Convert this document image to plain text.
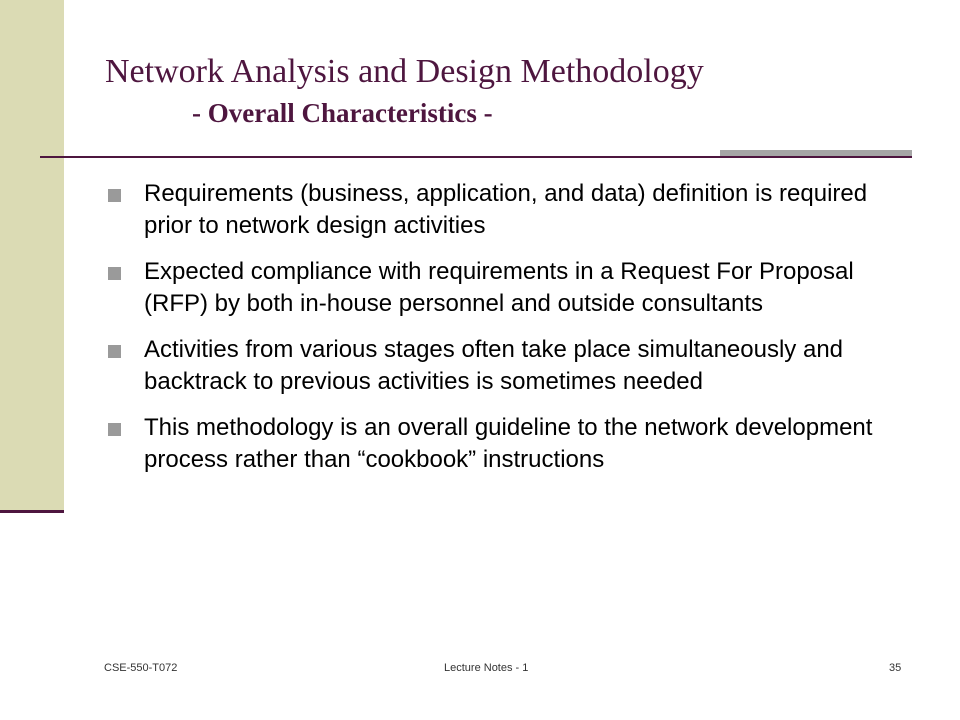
Network Analysis and Design Methodology
- Overall Characteristics -
Requirements (business, application, and data) definition is required prior to network design activities
Expected compliance with requirements in a Request For Proposal (RFP) by both in-house personnel and outside consultants
Activities from various stages often take place simultaneously and backtrack to previous activities is sometimes needed
This methodology is an overall guideline to the network development process rather than “cookbook” instructions
CSE-550-T072	Lecture Notes - 1	35
